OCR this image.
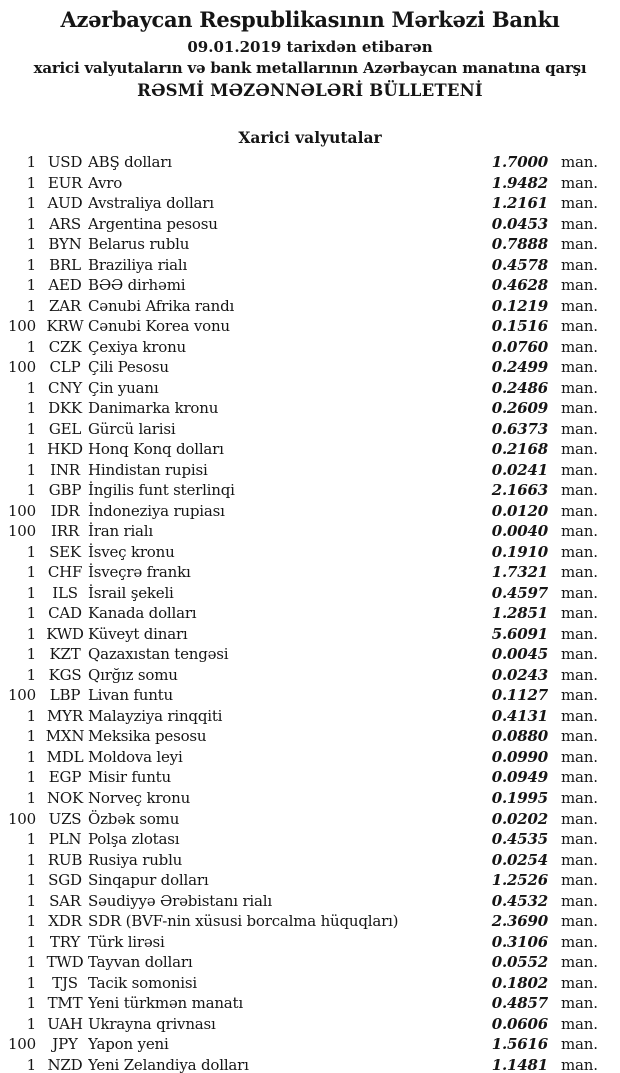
Azərbaycan Respublikasının Mərkəzi Bankı
09.01.2019 tarixdən etibarən
xarici valyutaların və bank metallarının Azərbaycan manatına qarşı
RƏSMİ MƏZƏNNƏLƏRİ BÜLLETENİ
Xarici valyutalar
1 USD ABŞ dolları	1.7000 man.
1 EUR Avro	1.9482 man.
1 AUD Avstraliya dolları	1.2161 man.
1 ARS Argentina pesosu	0.0453 man.
1 BYN Belarus rublu	0.7888 man.
1 BRL Braziliya rialı	0.4578 man.
1 AED BƏƏ dirhəmi	0.4628 man.
1 ZAR Cənubi Afrika randı	0.1219 man.
100 KRW Cənubi Korea vonu	0.1516 man.
1 CZK Çexiya kronu	0.0760 man.
100 CLP Çili Pesosu	0.2499 man.
1 CNY Çin yuanı	0.2486 man.
1 DKK Danimarka kronu	0.2609 man.
1 GEL Gürcü larisi	0.6373 man.
1 HKD Honq Konq dolları	0.2168 man.
1 INR Hindistan rupisi	0.0241 man.
1 GBP İngilis funt sterlinqi	2.1663 man.
100 IDR İndoneziya rupiası	0.0120 man.
100	IRR İran rialı	0.0040 man.
1 SEK İsveç kronu	0.1910 man.
1 CHF İsveçrə frankı	1.7321 man.
1	ILS İsrail şekeli	0.4597 man.
1 CAD Kanada dolları	1.2851 man.
1 KWD Küveyt dinarı	5.6091 man.
1 KZT Qazaxıstan tengəsi	0.0045 man.
1 KGS Qırğız somu	0.0243 man.
100 LBP Livan funtu	0.1127 man.
1 MYR Malayziya rinqqiti	0.4131 man.
1 MXN Meksika pesosu	0.0880 man.
1 MDL Moldova leyi	0.0990 man.
1 EGP Misir funtu	0.0949 man.
1 NOK Norveç kronu	0.1995 man.
100 UZS Özbək somu	0.0202 man.
1 PLN Polşa zlotası	0.4535 man.
1 RUB Rusiya rublu	0.0254 man.
1 SGD Sinqapur dolları	1.2526 man.
1 SAR Səudiyyə Ərəbistanı rialı	0.4532 man.
1 XDR SDR (BVF-nin xüsusi borcalma hüquqları)	2.3690 man.
1 TRY Türk lirəsi	0.3106 man.
1 TWD Tayvan dolları	0.0552 man.
1	TJS Tacik somonisi	0.1802 man.
1 TMT Yeni türkmən manatı	0.4857 man.
1 UAH Ukrayna qrivnası	0.0606 man.
100	JPY Yapon yeni	1.5616 man.
1 NZD Yeni Zelandiya dolları	1.1481 man.
